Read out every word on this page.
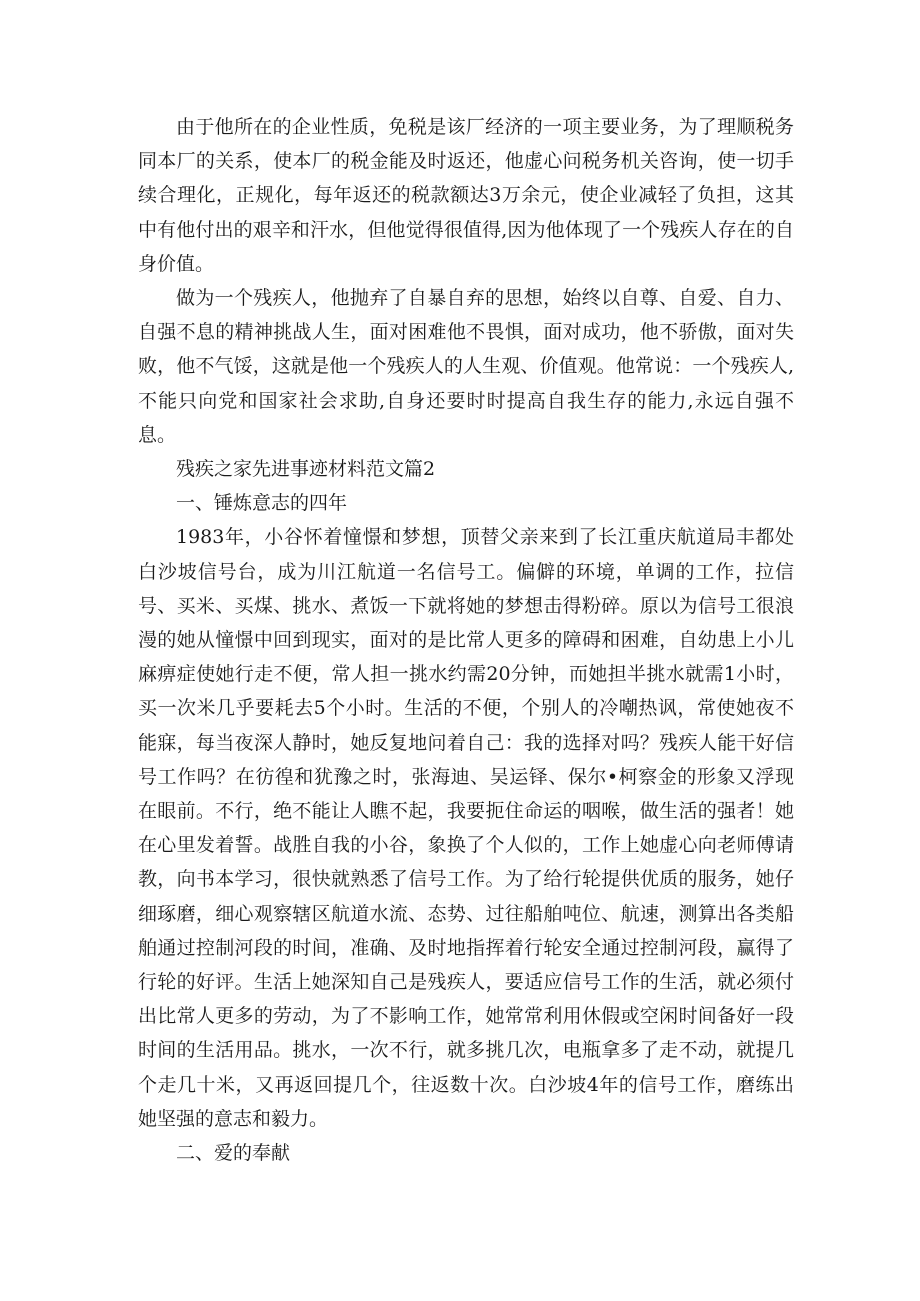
由于他所在的企业性质，免税是该厂经济的一项主要业务，为了理顺税务同本厂的关系，使本厂的税金能及时返还，他虚心问税务机关咨询，使一切手续合理化，正规化，每年返还的税款额达3万余元，使企业减轻了负担，这其中有他付出的艰辛和汗水，但他觉得很值得,因为他体现了一个残疾人存在的自身价值。

做为一个残疾人，他抛弃了自暴自弃的思想，始终以自尊、自爱、自力、自强不息的精神挑战人生，面对困难他不畏惧，面对成功，他不骄傲，面对失败，他不气馁，这就是他一个残疾人的人生观、价值观。他常说：一个残疾人,不能只向党和国家社会求助,自身还要时时提高自我生存的能力,永远自强不息。

残疾之家先进事迹材料范文篇2

一、锤炼意志的四年

1983年，小谷怀着憧憬和梦想，顶替父亲来到了长江重庆航道局丰都处白沙坡信号台，成为川江航道一名信号工。偏僻的环境，单调的工作，拉信号、买米、买煤、挑水、煮饭一下就将她的梦想击得粉碎。原以为信号工很浪漫的她从憧憬中回到现实，面对的是比常人更多的障碍和困难，自幼患上小儿麻痹症使她行走不便，常人担一挑水约需20分钟，而她担半挑水就需1小时，买一次米几乎要耗去5个小时。生活的不便，个别人的冷嘲热讽，常使她夜不能寐，每当夜深人静时，她反复地问着自己：我的选择对吗？残疾人能干好信号工作吗？在彷徨和犹豫之时，张海迪、吴运铎、保尔•柯察金的形象又浮现在眼前。不行，绝不能让人瞧不起，我要扼住命运的咽喉，做生活的强者！她在心里发着誓。战胜自我的小谷，象换了个人似的，工作上她虚心向老师傅请教，向书本学习，很快就熟悉了信号工作。为了给行轮提供优质的服务，她仔细琢磨，细心观察辖区航道水流、态势、过往船舶吨位、航速，测算出各类船舶通过控制河段的时间，准确、及时地指挥着行轮安全通过控制河段，赢得了行轮的好评。生活上她深知自己是残疾人，要适应信号工作的生活，就必须付出比常人更多的劳动，为了不影响工作，她常常利用休假或空闲时间备好一段时间的生活用品。挑水，一次不行，就多挑几次，电瓶拿多了走不动，就提几个走几十米，又再返回提几个，往返数十次。白沙坡4年的信号工作，磨练出她坚强的意志和毅力。

二、爱的奉献
